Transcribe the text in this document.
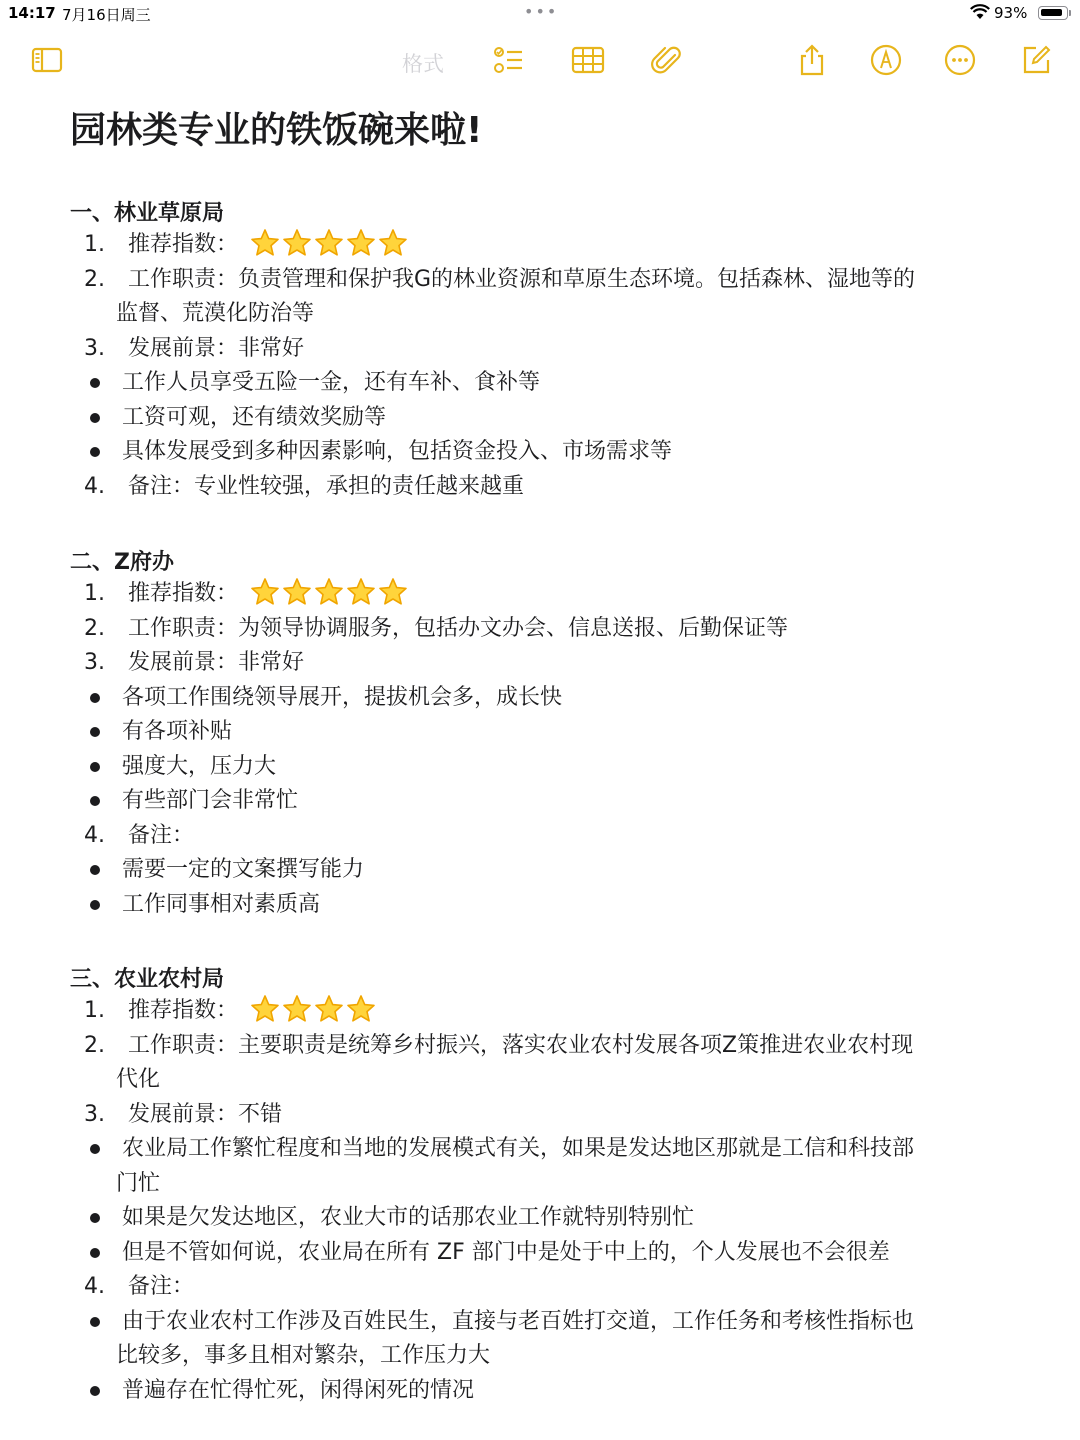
14:17 7月16日周三	•••	93%
格式
园林类专业的铁饭碗来啦!
一、林业草原局
1.	推荐指数：
2.	工作职责：负责管理和保护我G的林业资源和草原生态环境。包括森林、湿地等的
监督、荒漠化防治等
3.	发展前景：非常好
工作人员享受五险一金，还有车补、食补等
工资可观，还有绩效奖励等
具体发展受到多种因素影响，包括资金投入、市场需求等
4.	备注：专业性较强，承担的责任越来越重
二、Z府办
1.	推荐指数：
2.	工作职责：为领导协调服务，包括办文办会、信息送报、后勤保证等
3.	发展前景：非常好
各项工作围绕领导展开，提拔机会多，成长快
有各项补贴
强度大，压力大
有些部门会非常忙
4.	备注：
需要一定的文案撰写能力
工作同事相对素质高
三、农业农村局
1.	推荐指数：
2.	工作职责：主要职责是统筹乡村振兴，落实农业农村发展各项Z策推进农业农村现
代化
3.	发展前景：不错
农业局工作繁忙程度和当地的发展模式有关，如果是发达地区那就是工信和科技部
门忙
如果是欠发达地区，农业大市的话那农业工作就特别特别忙
但是不管如何说，农业局在所有 ZF 部门中是处于中上的，个人发展也不会很差
4.	备注：
由于农业农村工作涉及百姓民生，直接与老百姓打交道，工作任务和考核性指标也
比较多，事多且相对繁杂，工作压力大
普遍存在忙得忙死，闲得闲死的情况
